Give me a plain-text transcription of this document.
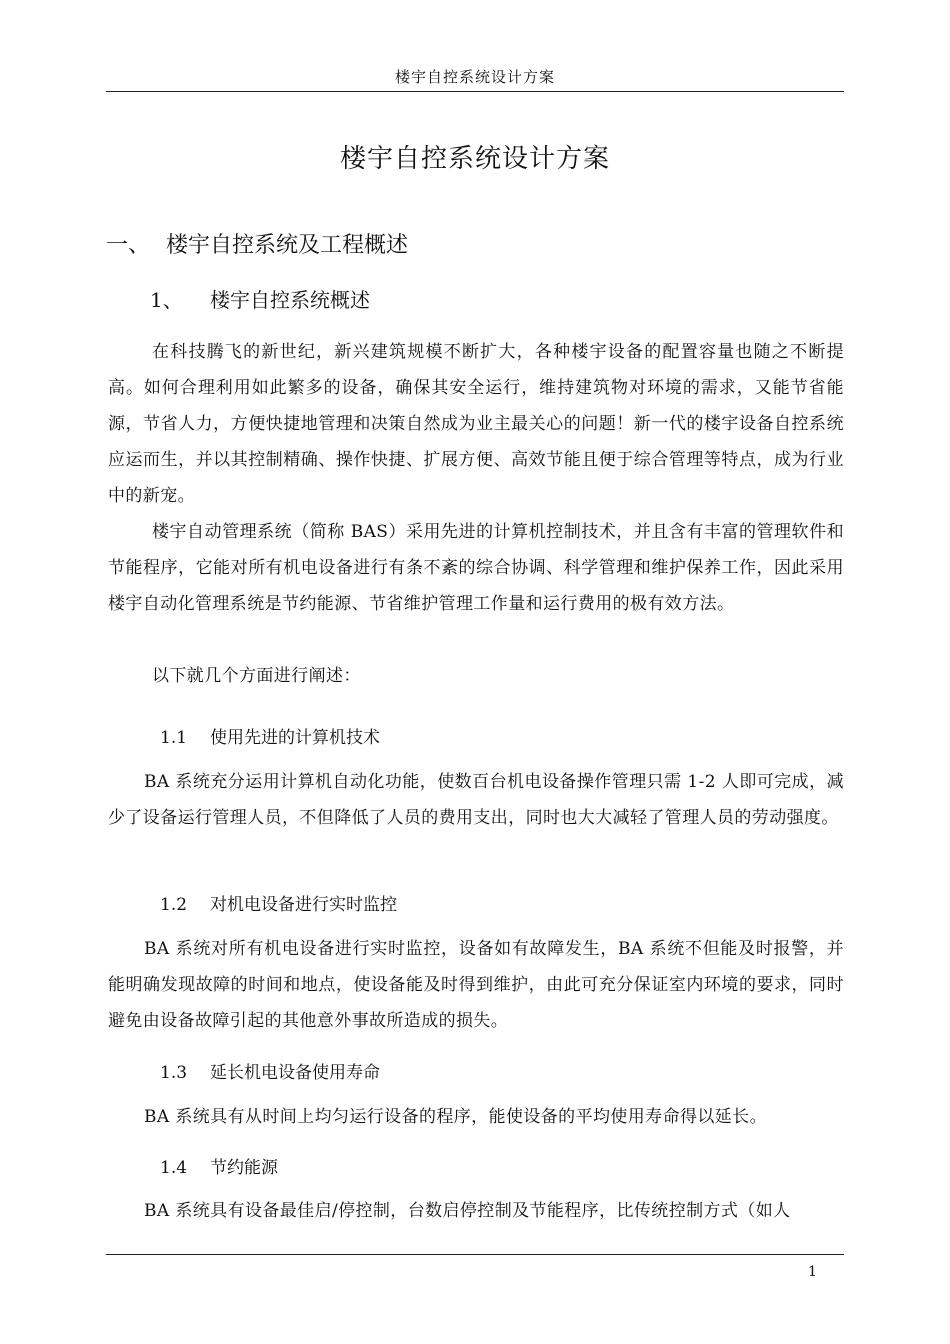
楼宇自控系统设计方案
楼宇自控系统设计方案
一、 楼宇自控系统及工程概述
1、 楼宇自控系统概述

在科技腾飞的新世纪，新兴建筑规模不断扩大，各种楼宇设备的配置容量也随之不断提高。如何合理利用如此繁多的设备，确保其安全运行，维持建筑物对环境的需求，又能节省能源，节省人力，方便快捷地管理和决策自然成为业主最关心的问题！新一代的楼宇设备自控系统应运而生，并以其控制精确、操作快捷、扩展方便、高效节能且便于综合管理等特点，成为行业中的新宠。

楼宇自动管理系统（简称 BAS）采用先进的计算机控制技术，并且含有丰富的管理软件和节能程序，它能对所有机电设备进行有条不紊的综合协调、科学管理和维护保养工作，因此采用楼宇自动化管理系统是节约能源、节省维护管理工作量和运行费用的极有效方法。

以下就几个方面进行阐述：

1.1 使用先进的计算机技术

BA 系统充分运用计算机自动化功能，使数百台机电设备操作管理只需 1-2 人即可完成，减少了设备运行管理人员，不但降低了人员的费用支出，同时也大大减轻了管理人员的劳动强度。

1.2 对机电设备进行实时监控

BA 系统对所有机电设备进行实时监控，设备如有故障发生，BA 系统不但能及时报警，并能明确发现故障的时间和地点，使设备能及时得到维护，由此可充分保证室内环境的要求，同时避免由设备故障引起的其他意外事故所造成的损失。

1.3 延长机电设备使用寿命

BA 系统具有从时间上均匀运行设备的程序，能使设备的平均使用寿命得以延长。

1.4 节约能源

BA 系统具有设备最佳启/停控制，台数启停控制及节能程序，比传统控制方式（如人

1
